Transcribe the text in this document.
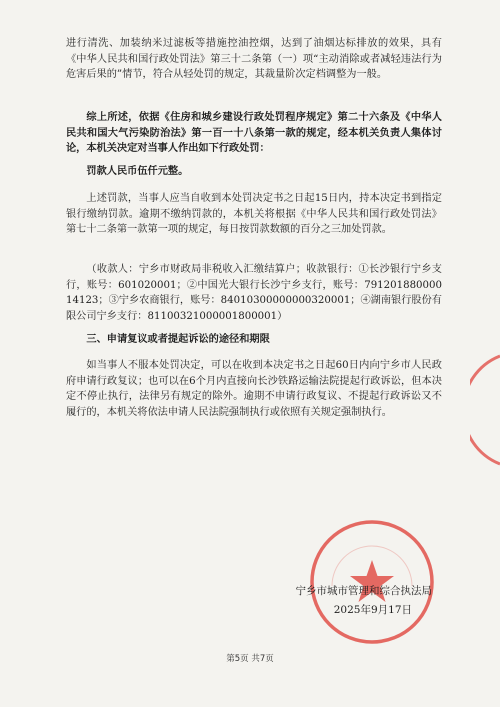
进行清洗、加装纳米过滤板等措施控油控烟，达到了油烟达标排放的效果，具有《中华人民共和国行政处罚法》第三十二条第（一）项“主动消除或者减轻违法行为危害后果的”情节，符合从轻处罚的规定，其裁量阶次定档调整为一般。

综上所述，依据《住房和城乡建设行政处罚程序规定》第二十六条及《中华人民共和国大气污染防治法》第一百一十八条第一款的规定，经本机关负责人集体讨论，本机关决定对当事人作出如下行政处罚：

罚款人民币伍仟元整。

上述罚款，当事人应当自收到本处罚决定书之日起15日内，持本决定书到指定银行缴纳罚款。逾期不缴纳罚款的，本机关将根据《中华人民共和国行政处罚法》第七十二条第一款第一项的规定，每日按罚款数额的百分之三加处罚款。

（收款人：宁乡市财政局非税收入汇缴结算户；收款银行：①长沙银行宁乡支行，账号：601020001；②中国光大银行长沙宁乡支行，账号：79120188000014123；③宁乡农商银行，账号：84010300000000320001；④湖南银行股份有限公司宁乡支行：81100321000001800001）

三、申请复议或者提起诉讼的途径和期限

如当事人不服本处罚决定，可以在收到本决定书之日起60日内向宁乡市人民政府申请行政复议；也可以在6个月内直接向长沙铁路运输法院提起行政诉讼，但本决定不停止执行，法律另有规定的除外。逾期不申请行政复议、不提起行政诉讼又不履行的，本机关将依法申请人民法院强制执行或依照有关规定强制执行。

宁乡市城市管理和综合执法局
2025年9月17日
第5页 共7页
